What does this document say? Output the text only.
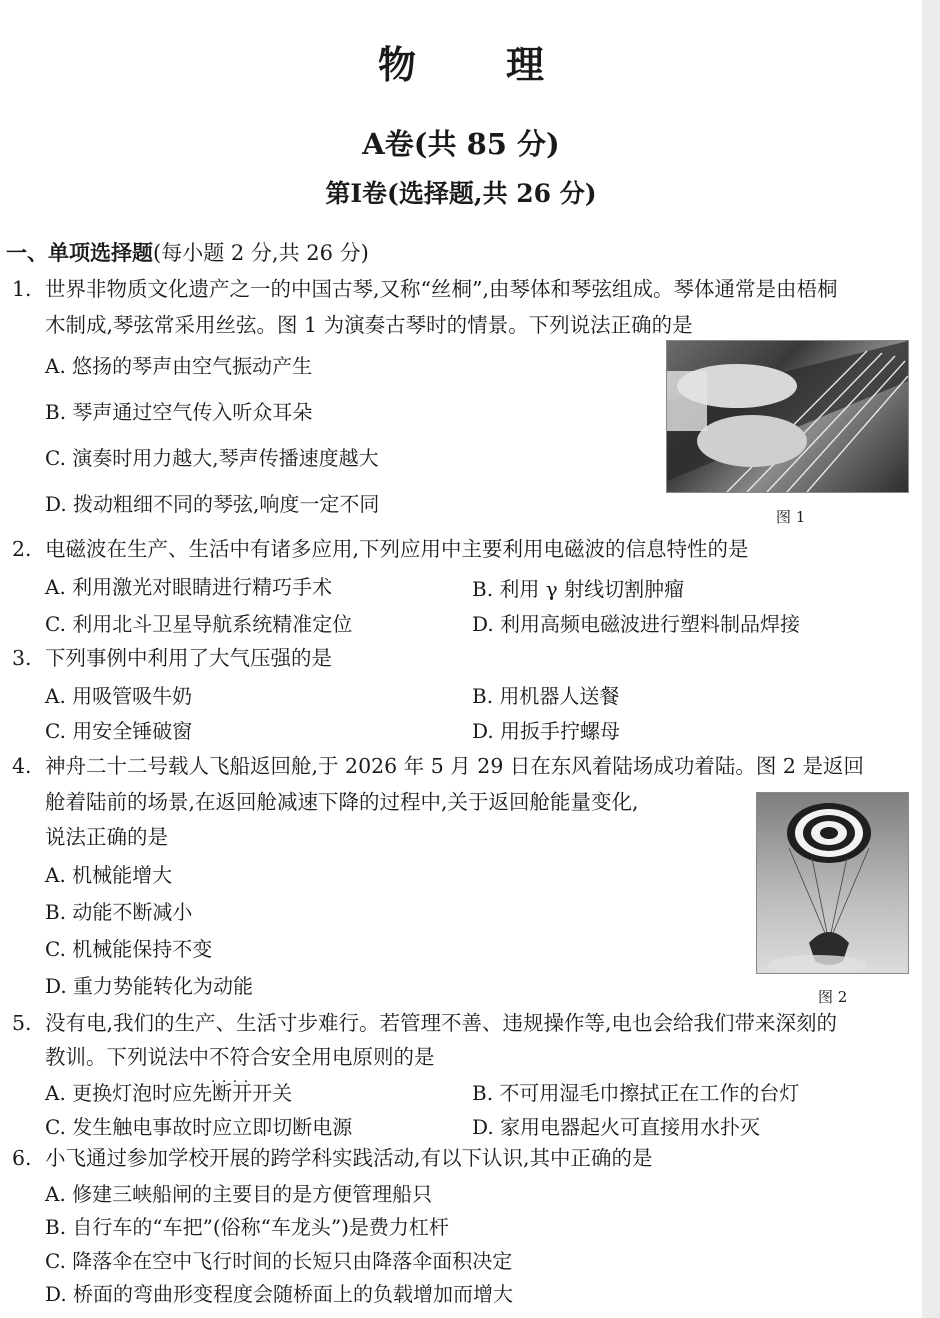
物理
A卷(共 85 分)
第Ⅰ卷(选择题,共 26 分)
一、单项选择题(每小题 2 分,共 26 分)
1. 世界非物质文化遗产之一的中国古琴,又称“丝桐”,由琴体和琴弦组成。琴体通常是由梧桐
木制成,琴弦常采用丝弦。图 1 为演奏古琴时的情景。下列说法正确的是
A. 悠扬的琴声由空气振动产生
B. 琴声通过空气传入听众耳朵
C. 演奏时用力越大,琴声传播速度越大
D. 拨动粗细不同的琴弦,响度一定不同
图 1
2. 电磁波在生产、生活中有诸多应用,下列应用中主要利用电磁波的信息特性的是
A. 利用激光对眼睛进行精巧手术	B. 利用 γ 射线切割肿瘤
C. 利用北斗卫星导航系统精准定位	D. 利用高频电磁波进行塑料制品焊接
3. 下列事例中利用了大气压强的是
A. 用吸管吸牛奶	B. 用机器人送餐
C. 用安全锤破窗	D. 用扳手拧螺母
4. 神舟二十二号载人飞船返回舱,于 2026 年 5 月 29 日在东风着陆场成功着陆。图 2 是返回
舱着陆前的场景,在返回舱减速下降的过程中,关于返回舱能量变化,
说法正确的是
A. 机械能增大
B. 动能不断减小
C. 机械能保持不变
D. 重力势能转化为动能	图 2
5. 没有电,我们的生产、生活寸步难行。若管理不善、违规操作等,电也会给我们带来深刻的
教训。下列说法中不符合 · · · ·安全用电原则的是
A. 更换灯泡时应先断开开关	B. 不可用湿毛巾擦拭正在工作的台灯
C. 发生触电事故时应立即切断电源	D. 家用电器起火可直接用水扑灭
6. 小飞通过参加学校开展的跨学科实践活动,有以下认识,其中正确的是
A. 修建三峡船闸的主要目的是方便管理船只
B. 自行车的“车把”(俗称“车龙头”)是费力杠杆
C. 降落伞在空中飞行时间的长短只由降落伞面积决定
D. 桥面的弯曲形变程度会随桥面上的负载增加而增大
